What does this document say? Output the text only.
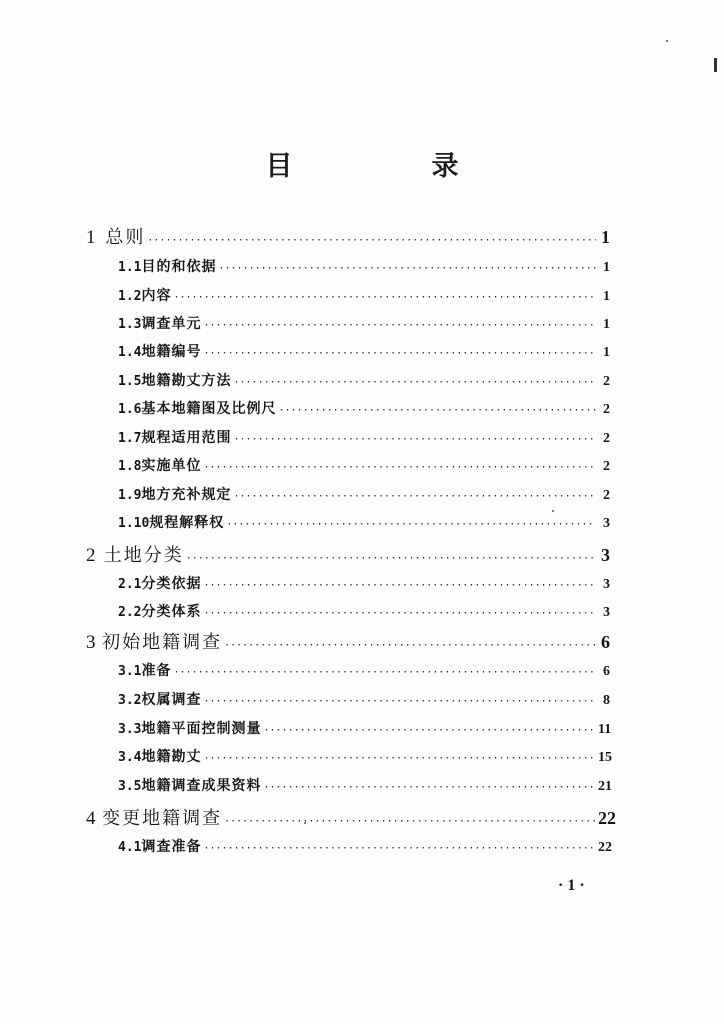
目　录
1 总则 ·····	1
1.1 目的和依据 ·····	1
1.2 内容 ·····	1
1.3 调查单元 ·····	1
1.4 地籍编号 ·····	1
1.5 地籍勘丈方法 ·····	2
1.6 基本地籍图及比例尺 ·····	2
1.7 规程适用范围 ·····	2
1.8 实施单位 ·····	2
1.9 地方充补规定 ·····	2
1.10 规程解释权 ·····	3
2 土地分类 ·····	3
2.1 分类依据 ·····	3
2.2 分类体系 ·····	3
3 初始地籍调查 ·····	6
3.1 准备 ·····	6
3.2 权属调查 ·····	8
3.3 地籍平面控制测量 ·····	11
3.4 地籍勘丈 ·····	15
3.5 地籍调查成果资料 ·····	21
4 变更地籍调查 ·····	22
4.1 调查准备 ·····	22
·1·
